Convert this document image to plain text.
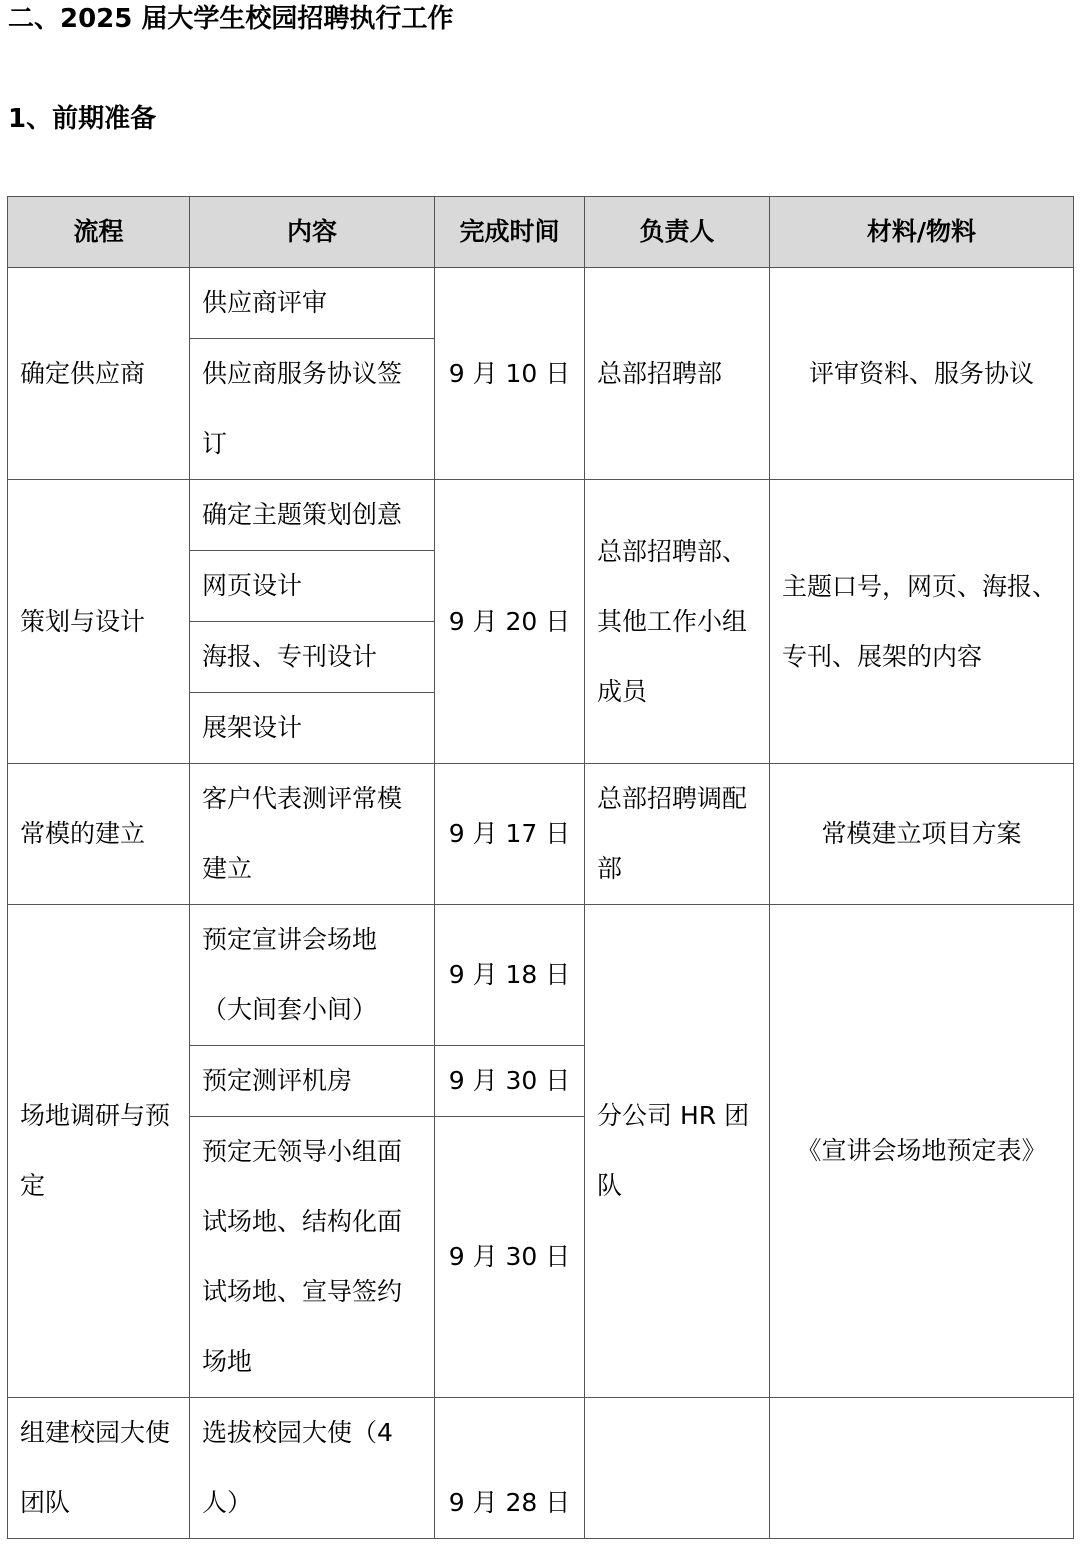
二、2025 届大学生校园招聘执行工作
1、前期准备
流程	内容	完成时间	负责人	材料/物料
确定供应商	供应商评审	9 月 10 日	总部招聘部	评审资料、服务协议
	供应商服务协议签订			
策划与设计	确定主题策划创意	9 月 20 日	总部招聘部、其他工作小组成员	主题口号，网页、海报、专刊、展架的内容
	网页设计			
	海报、专刊设计			
	展架设计			
常模的建立	客户代表测评常模建立	9 月 17 日	总部招聘调配部	常模建立项目方案
场地调研与预定	预定宣讲会场地（大间套小间）	9 月 18 日	分公司 HR 团队	《宣讲会场地预定表》
	预定测评机房	9 月 30 日		
	预定无领导小组面试场地、结构化面试场地、宣导签约场地	9 月 30 日		
组建校园大使团队	选拔校园大使（4 人）	9 月 28 日		
